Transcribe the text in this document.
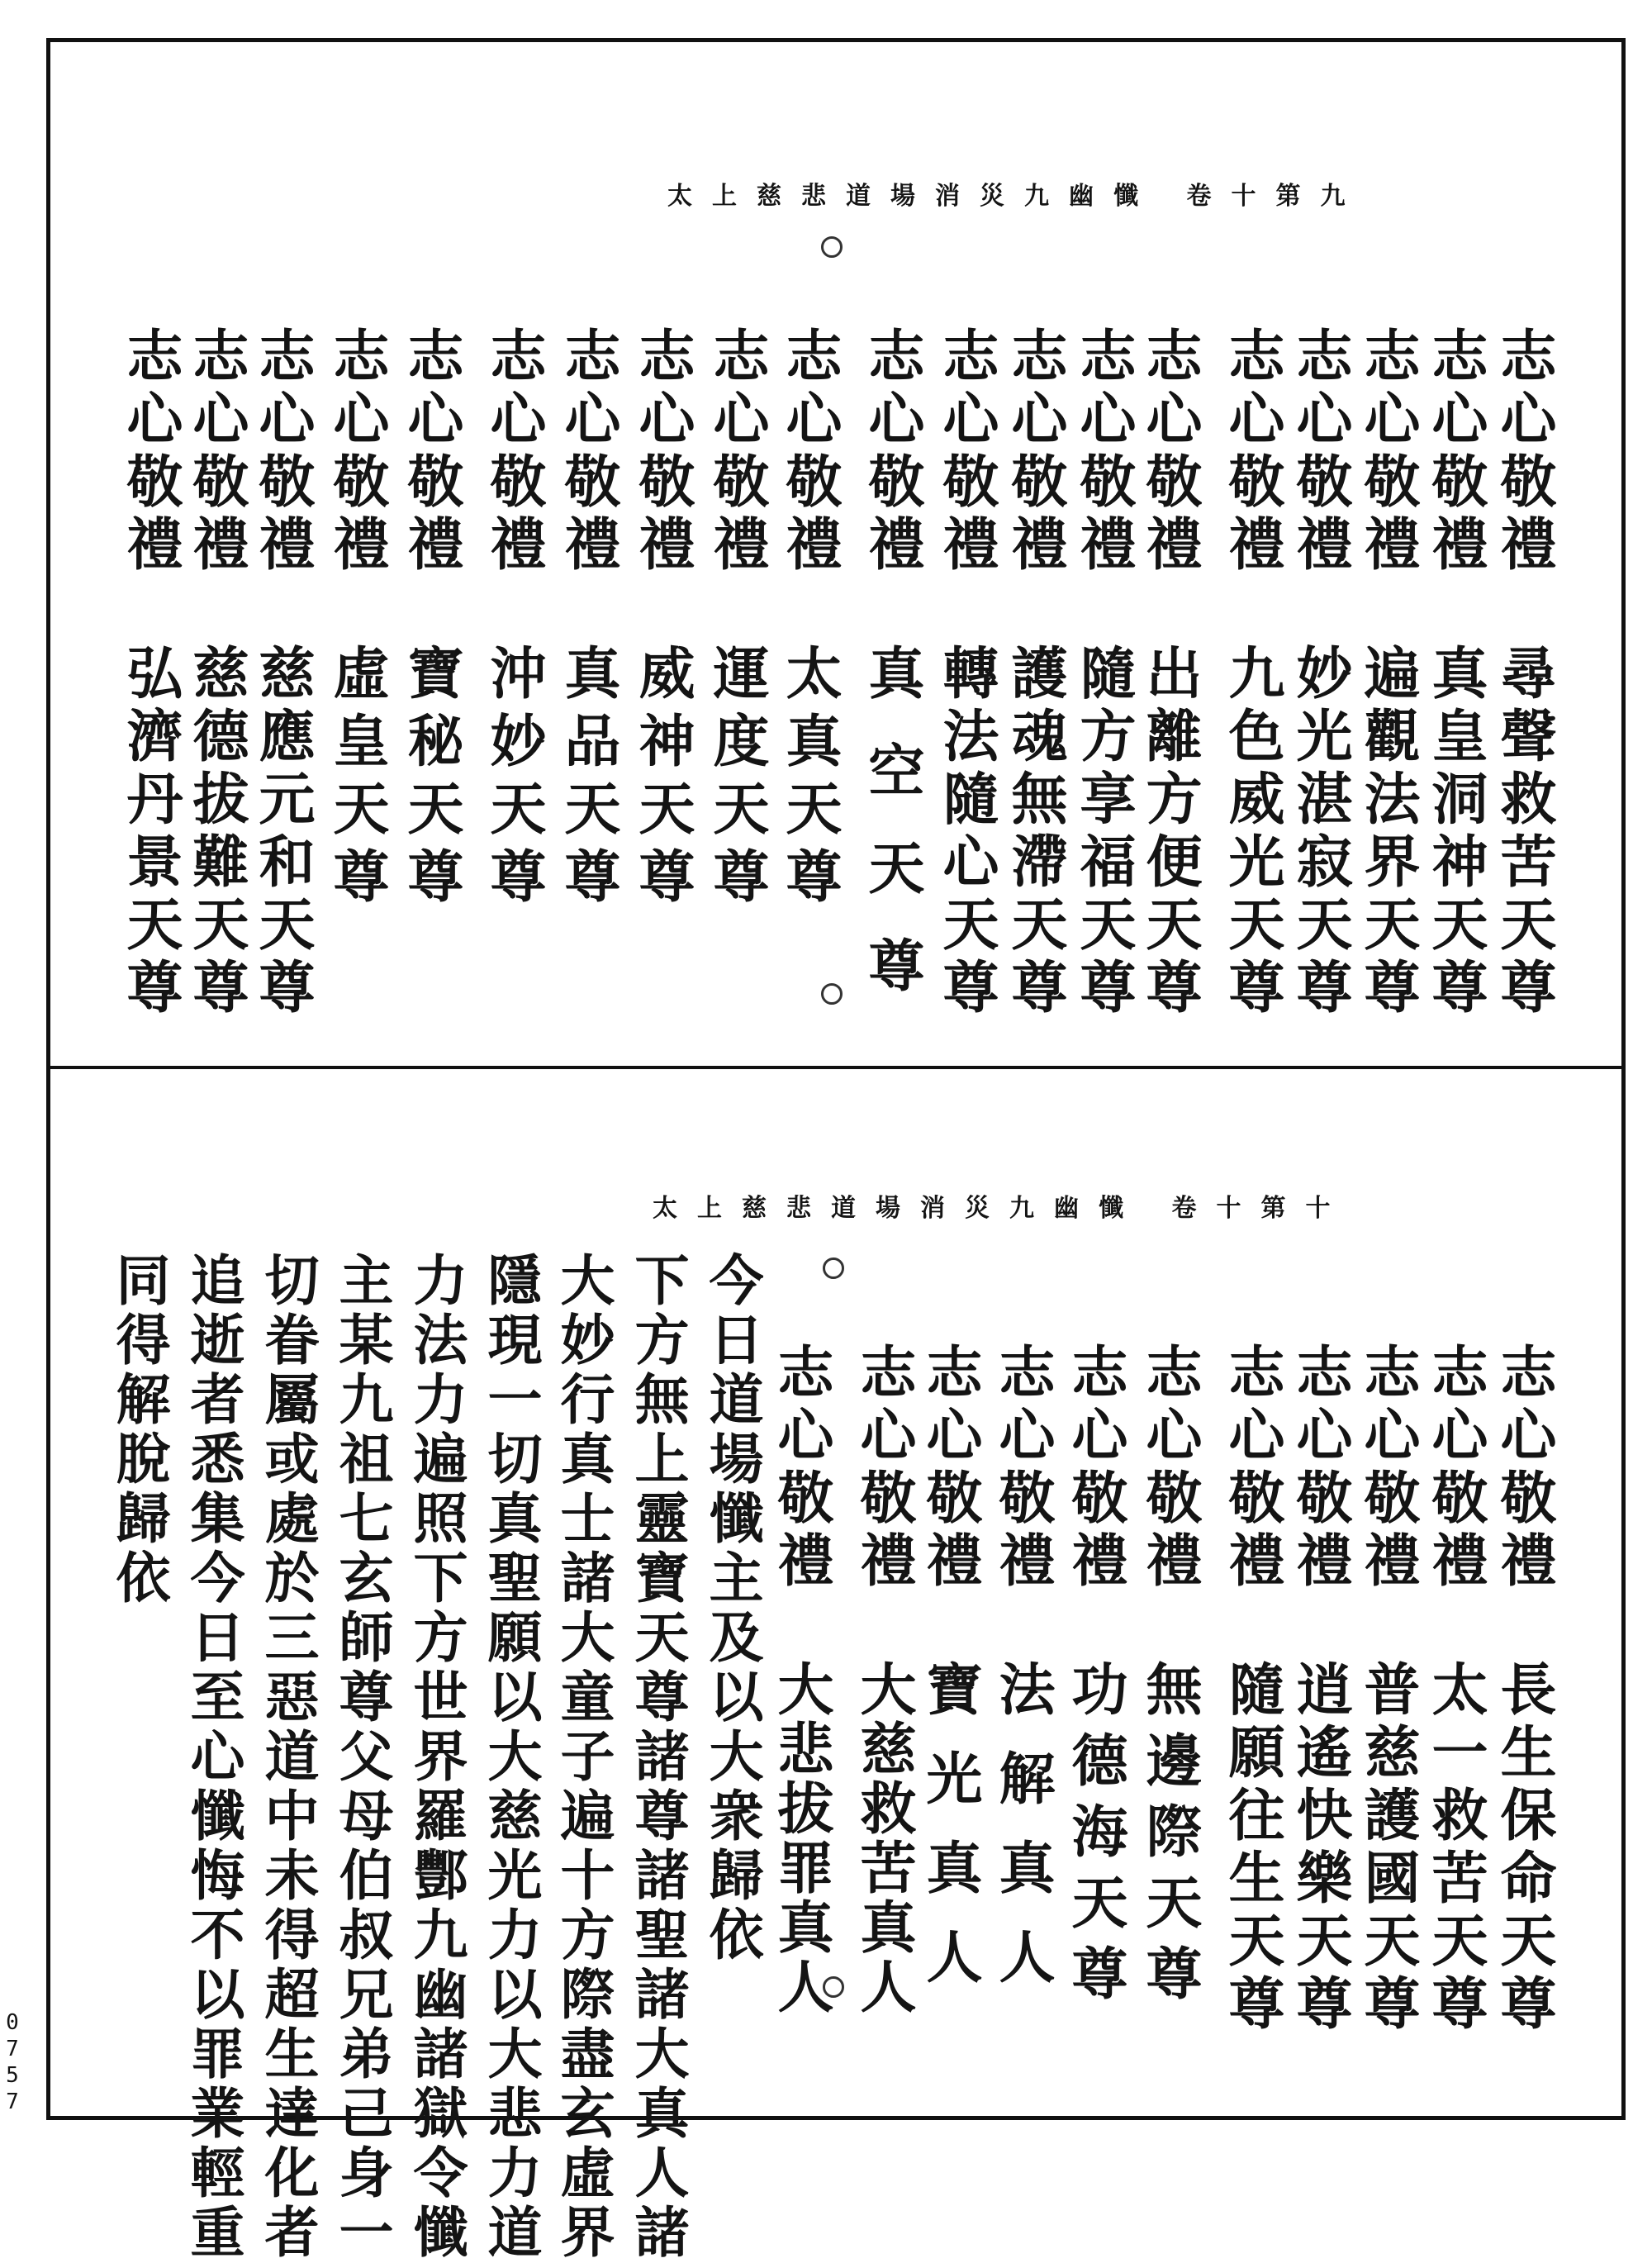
太上慈悲道場消災九幽懺 卷十第九
志心敬禮尋聲救苦天尊
志心敬禮真皇洞神天尊
志心敬禮遍觀法界天尊
志心敬禮妙光湛寂天尊
志心敬禮九色威光天尊
志心敬禮出離方便天尊
志心敬禮隨方享福天尊
志心敬禮護魂無滯天尊
志心敬禮轉法隨心天尊
志心敬禮真空天尊
志心敬禮太真天尊
志心敬禮運度天尊
志心敬禮威神天尊
志心敬禮真品天尊
志心敬禮沖妙天尊
志心敬禮寶秘天尊
志心敬禮虛皇天尊
志心敬禮慈應元和天尊
志心敬禮慈德拔難天尊
志心敬禮弘濟丹景天尊
太上慈悲道場消災九幽懺 卷十第十
志心敬禮長生保命天尊
志心敬禮太一救苦天尊
志心敬禮普慈護國天尊
志心敬禮逍遙快樂天尊
志心敬禮隨願往生天尊
志心敬禮無邊際天尊
志心敬禮功德海天尊
志心敬禮法解真人
志心敬禮寶光真人
志心敬禮大慈救苦真人
志心敬禮大悲拔罪真人
今日道場懺主及以大衆歸依
下方無上靈寶天尊諸尊諸聖諸大真人諸
大妙行真士諸大童子遍十方際盡玄虛界
隱現一切真聖願以大慈光力以大悲力道
力法力遍照下方世界羅酆九幽諸獄令懺
主某九祖七玄師尊父母伯叔兄弟己身一
切眷屬或處於三惡道中未得超生達化者
追逝者悉集今日至心懺悔不以罪業輕重
同得解脫歸依
0757
